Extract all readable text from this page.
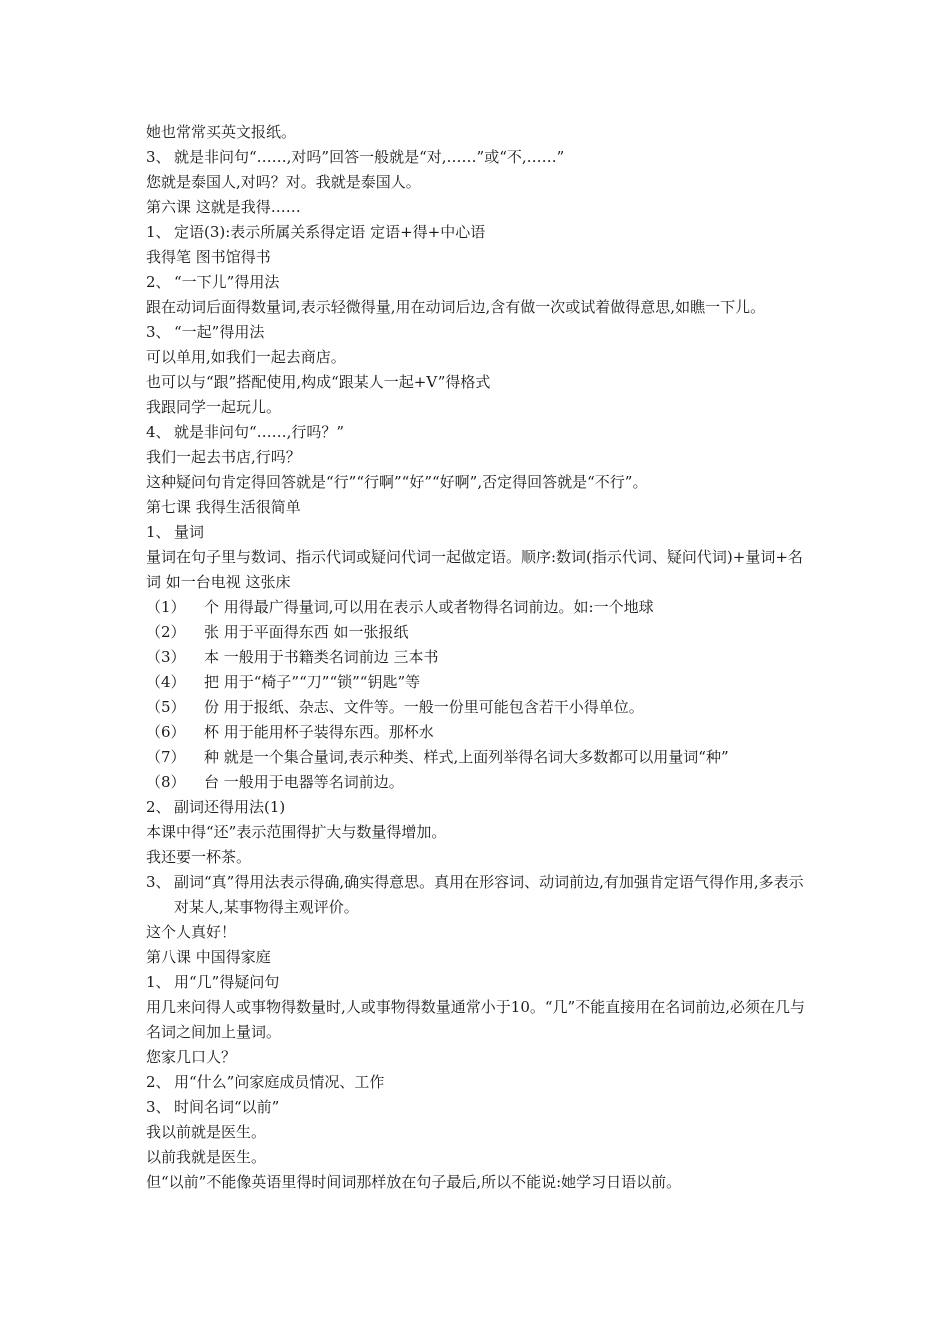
她也常常买英文报纸。
3、 就是非问句“……,对吗”回答一般就是“对,……”或“不,……”
您就是泰国人,对吗？对。我就是泰国人。
第六课 这就是我得……
1、 定语(3):表示所属关系得定语 定语+得+中心语
我得笔 图书馆得书
2、 “一下儿”得用法
跟在动词后面得数量词,表示轻微得量,用在动词后边,含有做一次或试着做得意思,如瞧一下儿。
3、 “一起”得用法
可以单用,如我们一起去商店。
也可以与“跟”搭配使用,构成“跟某人一起+V”得格式
我跟同学一起玩儿。
4、 就是非问句“……,行吗？”
我们一起去书店,行吗？
这种疑问句肯定得回答就是“行”“行啊”“好”“好啊”,否定得回答就是“不行”。
第七课 我得生活很简单
1、 量词
量词在句子里与数词、指示代词或疑问代词一起做定语。顺序:数词(指示代词、疑问代词)+量词+名词 如一台电视 这张床
（1）	个 用得最广得量词,可以用在表示人或者物得名词前边。如:一个地球
（2）	张 用于平面得东西 如一张报纸
（3）	本 一般用于书籍类名词前边 三本书
（4）	把 用于“椅子”“刀”“锁”“钥匙”等
（5）	份 用于报纸、杂志、文件等。一般一份里可能包含若干小得单位。
（6）	杯 用于能用杯子装得东西。那杯水
（7）	种 就是一个集合量词,表示种类、样式,上面列举得名词大多数都可以用量词“种”
（8）	台 一般用于电器等名词前边。
2、 副词还得用法(1)
本课中得“还”表示范围得扩大与数量得增加。
我还要一杯茶。
3、 副词“真”得用法表示得确,确实得意思。真用在形容词、动词前边,有加强肯定语气得作用,多表示对某人,某事物得主观评价。
这个人真好！
第八课 中国得家庭
1、 用“几”得疑问句
用几来问得人或事物得数量时,人或事物得数量通常小于10。“几”不能直接用在名词前边,必须在几与名词之间加上量词。
您家几口人？
2、 用“什么”问家庭成员情况、工作
3、 时间名词“以前”
我以前就是医生。
以前我就是医生。
但“以前”不能像英语里得时间词那样放在句子最后,所以不能说:她学习日语以前。
